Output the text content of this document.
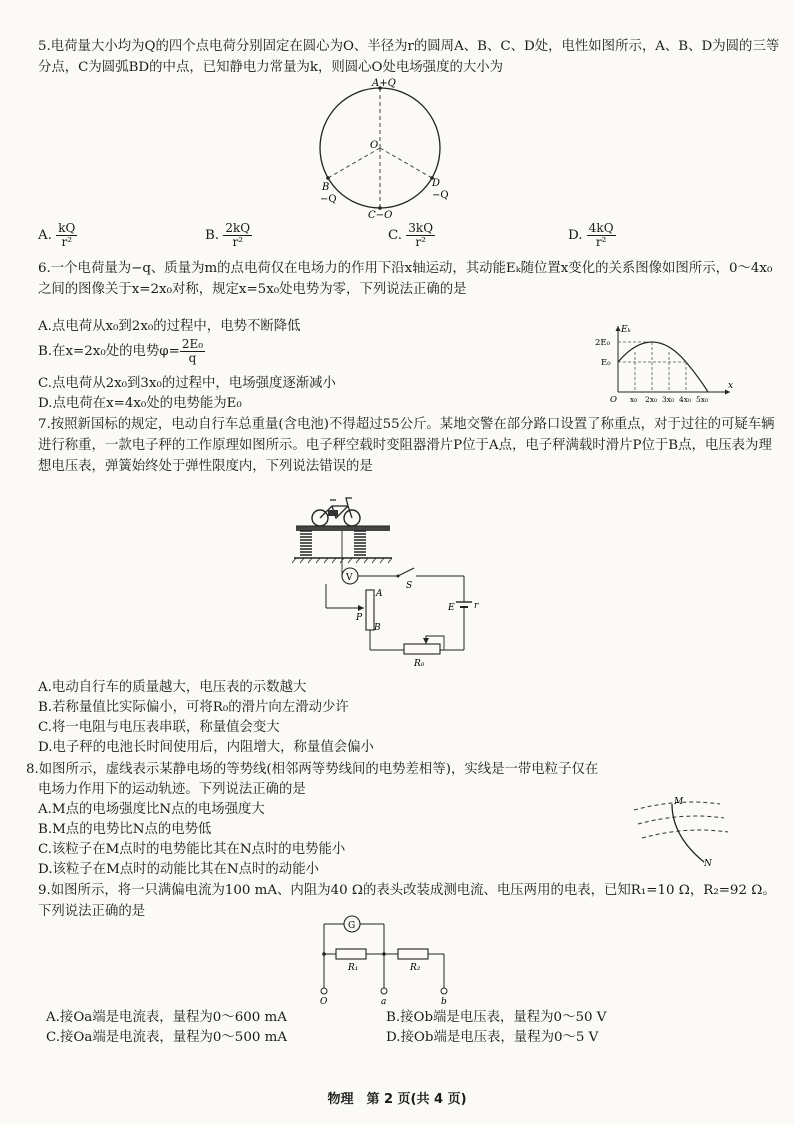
5.电荷量大小均为Q的四个点电荷分别固定在圆心为O、半径为r的圆周A、B、C、D处，电性如图所示，A、B、D为圆的三等分点，C为圆弧BD的中点，已知静电力常量为k，则圆心O处电场强度的大小为
A+Q
O
B
−Q
D
−Q
C−Q
A. $\frac{kQ}{\text{r²}}$	B. $\frac{2kQ}{\text{r²}}$	C. $\frac{3kQ}{\text{r²}}$	D. $\frac{4kQ}{\text{r²}}$
6.一个电荷量为−q、质量为m的点电荷仅在电场力的作用下沿x轴运动，其动能Eₖ随位置x变化的关系图像如图所示，0～4x₀之间的图像关于x=2x₀对称，规定x=5x₀处电势为零，下列说法正确的是
A.点电荷从x₀到2x₀的过程中，电势不断降低
B.在x=2x₀处的电势$\varphi= \frac{\text{2E₀}}{q}$
C.点电荷从2x₀到3x₀的过程中，电场强度逐渐减小
D.点电荷在x=4x₀处的电势能为E₀
Eₖ
x
2E₀
E₀
O x₀ 2x₀ 3x₀ 4x₀ 5x₀
7.按照新国标的规定，电动自行车总重量(含电池)不得超过55公斤。某地交警在部分路口设置了称重点，对于过往的可疑车辆进行称重，一款电子秤的工作原理如图所示。电子秤空载时变阻器滑片P位于A点，电子秤满载时滑片P位于B点，电压表为理想电压表，弹簧始终处于弹性限度内，下列说法错误的是
V
S
E r
A
P
B
R₀
A.电动自行车的质量越大，电压表的示数越大
B.若称量值比实际偏小，可将R₀的滑片向左滑动少许
C.将一电阻与电压表串联，称量值会变大
D.电子秤的电池长时间使用后，内阻增大，称量值会偏小
8.如图所示，虚线表示某静电场的等势线(相邻两等势线间的电势差相等)，实线是一带电粒子仅在
电场力作用下的运动轨迹。下列说法正确的是
A.M点的电场强度比N点的电场强度大
B.M点的电势比N点的电势低
C.该粒子在M点时的电势能比其在N点时的电势能小
D.该粒子在M点时的动能比其在N点时的动能小
M
N
9.如图所示，将一只满偏电流为100 mA、内阻为40 Ω的表头改装成测电流、电压两用的电表，已知R₁=10 Ω，R₂=92 Ω。下列说法正确的是
G
R₁	R₂
O	a	b
A.接Oa端是电流表，量程为0～600 mA	B.接Ob端是电压表，量程为0～50 V
C.接Oa端是电流表，量程为0～500 mA	D.接Ob端是电压表，量程为0～5 V
物理　第 2 页(共 4 页)
